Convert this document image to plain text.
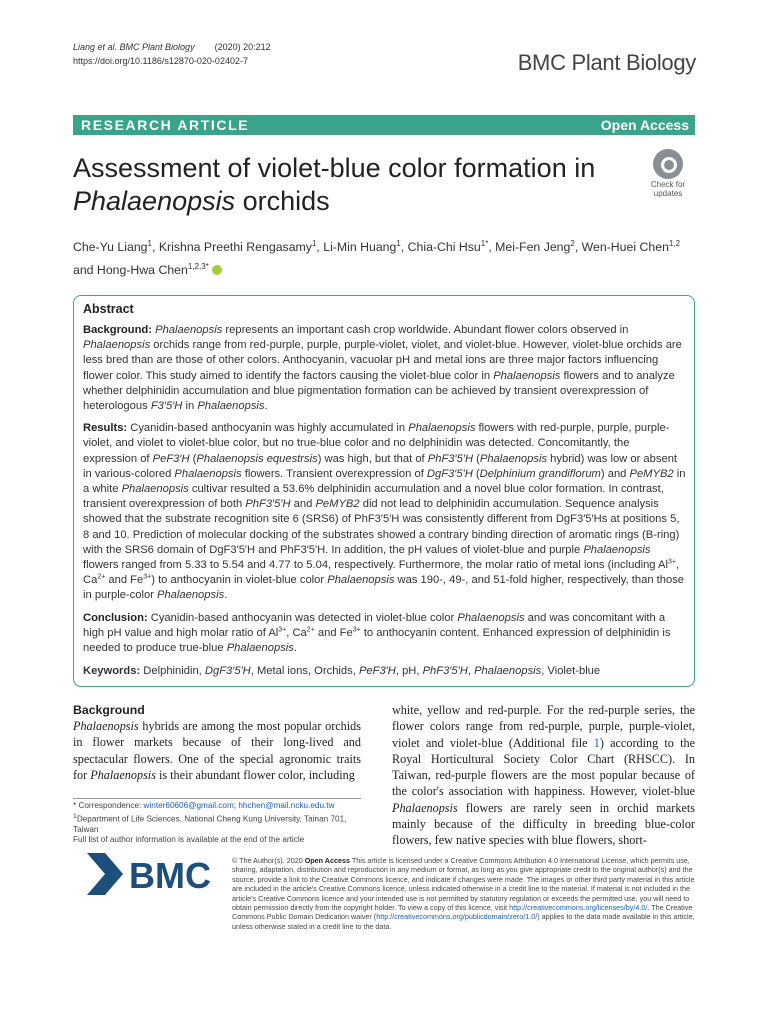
Liang et al. BMC Plant Biology (2020) 20:212
https://doi.org/10.1186/s12870-020-02402-7	BMC Plant Biology
RESEARCH ARTICLE	Open Access
Assessment of violet-blue color formation in Phalaenopsis orchids
Check for
updates
Che-Yu Liang$^1$, Krishna Preethi Rengasamy$^1$, Li-Min Huang$^1$, Chia-Chi Hsu$^{1*}$, Mei-Fen Jeng$^2$, Wen-Huei Chen$^{1,2}$ and Hong-Hwa Chen$^{1,2,3*}$
Abstract
Background: Phalaenopsis represents an important cash crop worldwide. Abundant flower colors observed in Phalaenopsis orchids range from red-purple, purple, purple-violet, violet, and violet-blue. However, violet-blue orchids are less bred than are those of other colors. Anthocyanin, vacuolar pH and metal ions are three major factors influencing flower color. This study aimed to identify the factors causing the violet-blue color in Phalaenopsis flowers and to analyze whether delphinidin accumulation and blue pigmentation formation can be achieved by transient overexpression of heterologous F3′5′H in Phalaenopsis.
Results: Cyanidin-based anthocyanin was highly accumulated in Phalaenopsis flowers with red-purple, purple, purple-violet, and violet to violet-blue color, but no true-blue color and no delphinidin was detected. Concomitantly, the expression of PeF3′H (Phalaenopsis equestrsis) was high, but that of PhF3′5′H (Phalaenopsis hybrid) was low or absent in various-colored Phalaenopsis flowers. Transient overexpression of DgF3′5′H (Delphinium grandiflorum) and PeMYB2 in a white Phalaenopsis cultivar resulted a 53.6% delphinidin accumulation and a novel blue color formation. In contrast, transient overexpression of both PhF3′5′H and PeMYB2 did not lead to delphinidin accumulation. Sequence analysis showed that the substrate recognition site 6 (SRS6) of PhF3′5′H was consistently different from DgF3′5′Hs at positions 5, 8 and 10. Prediction of molecular docking of the substrates showed a contrary binding direction of aromatic rings (B-ring) with the SRS6 domain of DgF3′5′H and PhF3′5′H. In addition, the pH values of violet-blue and purple Phalaenopsis flowers ranged from 5.33 to 5.54 and 4.77 to 5.04, respectively. Furthermore, the molar ratio of metal ions (including $Al^{3+}$, $Ca^{2+}$ and $Fe^{3+}$) to anthocyanin in violet-blue color Phalaenopsis was 190-, 49-, and 51-fold higher, respectively, than those in purple-color Phalaenopsis.
Conclusion: Cyanidin-based anthocyanin was detected in violet-blue color Phalaenopsis and was concomitant with a high pH value and high molar ratio of $Al^{3+}$, $Ca^{2+}$ and $Fe^{3+}$ to anthocyanin content. Enhanced expression of delphinidin is needed to produce true-blue Phalaenopsis.
Keywords: Delphinidin, DgF3′5′H, Metal ions, Orchids, PeF3′H, pH, PhF3′5′H, Phalaenopsis, Violet-blue
Background
Phalaenopsis hybrids are among the most popular orchids in flower markets because of their long-lived and spectacular flowers. One of the special agronomic traits for Phalaenopsis is their abundant flower color, including
white, yellow and red-purple. For the red-purple series, the flower colors range from red-purple, purple, purple-violet, violet and violet-blue (Additional file 1) according to the Royal Horticultural Society Color Chart (RHSCC). In Taiwan, red-purple flowers are the most popular because of the color's association with happiness. However, violet-blue Phalaenopsis flowers are rarely seen in orchid markets mainly because of the difficulty in breeding blue-color flowers, few native species with blue flowers, short-
* Correspondence: winter60606@gmail.com; hhchen@mail.ncku.edu.tw
$^1$Department of Life Sciences, National Cheng Kung University, Tainan 701, Taiwan
Full list of author information is available at the end of the article
BMC	© The Author(s). 2020 Open Access This article is licensed under a Creative Commons Attribution 4.0 International License, which permits use, sharing, adaptation, distribution and reproduction in any medium or format, as long as you give appropriate credit to the original author(s) and the source, provide a link to the Creative Commons licence, and indicate if changes were made. The images or other third party material in this article are included in the article's Creative Commons licence, unless indicated otherwise in a credit line to the material. If material is not included in the article's Creative Commons licence and your intended use is not permitted by statutory regulation or exceeds the permitted use, you will need to obtain permission directly from the copyright holder. To view a copy of this licence, visit http://creativecommons.org/licenses/by/4.0/. The Creative Commons Public Domain Dedication waiver (http://creativecommons.org/publicdomain/zero/1.0/) applies to the data made available in this article, unless otherwise stated in a credit line to the data.
